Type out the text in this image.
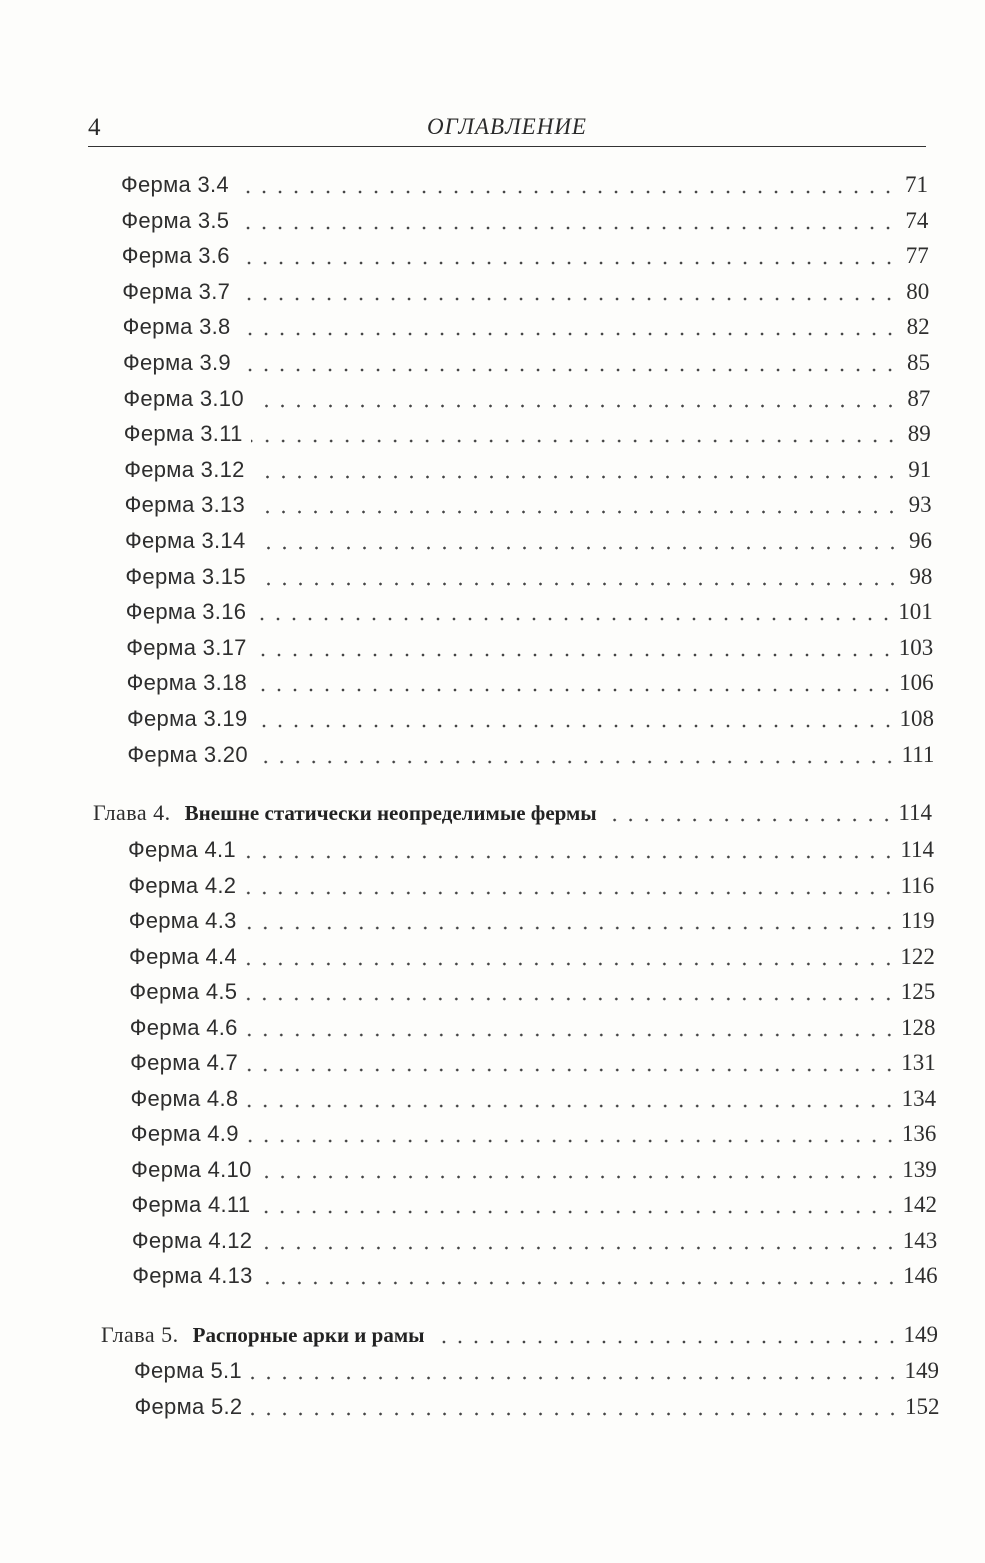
4	ОГЛАВЛЕНИЕ
Ферма 3.4	71
Ферма 3.5	74
Ферма 3.6	77
Ферма 3.7	80
Ферма 3.8	82
Ферма 3.9	85
Ферма 3.10	87
Ферма 3.11	89
Ферма 3.12	91
Ферма 3.13	93
Ферма 3.14	96
Ферма 3.15	98
Ферма 3.16	101
Ферма 3.17	103
Ферма 3.18	106
Ферма 3.19	108
Ферма 3.20	111
Глава 4. Внешне статически неопределимые фермы	114
Ферма 4.1	114
Ферма 4.2	116
Ферма 4.3	119
Ферма 4.4	122
Ферма 4.5	125
Ферма 4.6	128
Ферма 4.7	131
Ферма 4.8	134
Ферма 4.9	136
Ферма 4.10	139
Ферма 4.11	142
Ферма 4.12	143
Ферма 4.13	146
Глава 5. Распорные арки и рамы	149
Ферма 5.1	149
Ферма 5.2	152
